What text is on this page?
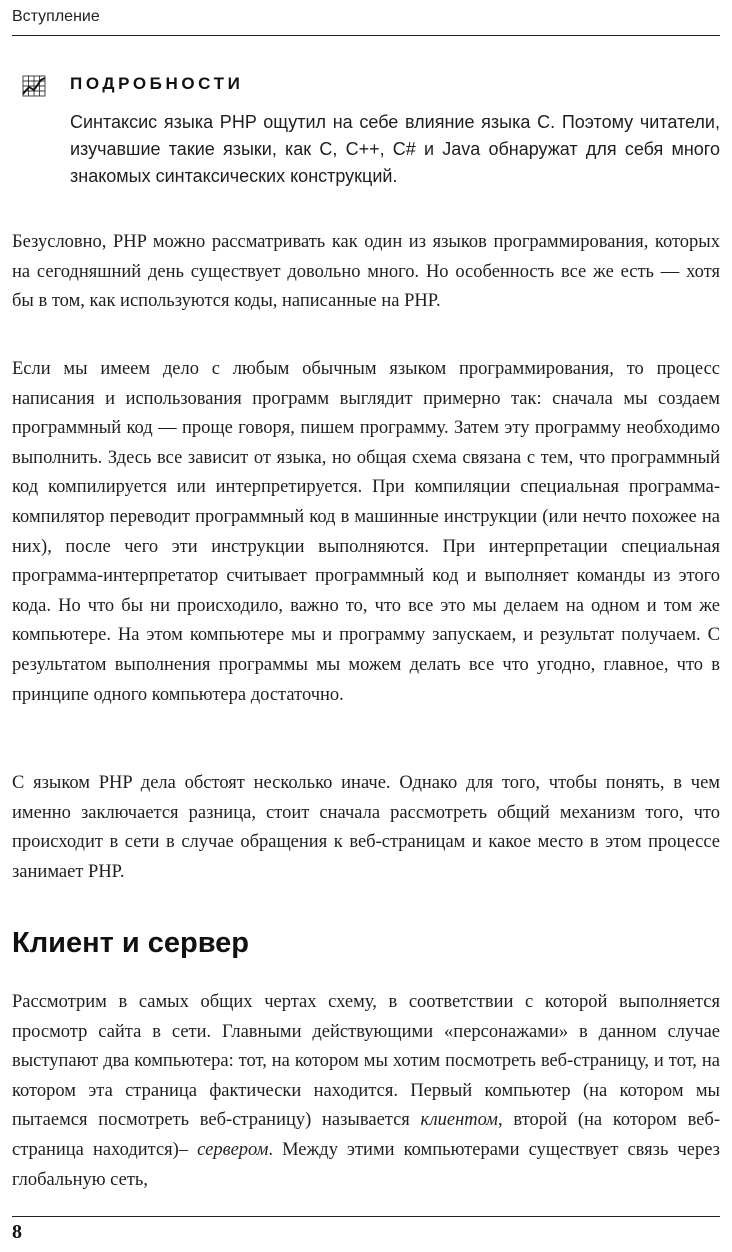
Вступление
ПОДРОБНОСТИ

Синтаксис языка PHP ощутил на себе влияние языка C. Поэтому читатели, изучавшие такие языки, как C, C++, C# и Java обнаружат для себя много знакомых синтаксических конструкций.

Безусловно, PHP можно рассматривать как один из языков программирования, которых на сегодняшний день существует довольно много. Но особенность все же есть — хотя бы в том, как используются коды, написанные на PHP.

Если мы имеем дело с любым обычным языком программирования, то процесс написания и использования программ выглядит примерно так: сначала мы создаем программный код — проще говоря, пишем программу. Затем эту программу необходимо выполнить. Здесь все зависит от языка, но общая схема связана с тем, что программный код компилируется или интерпретируется. При компиляции специальная программа-компилятор переводит программный код в машинные инструкции (или нечто похожее на них), после чего эти инструкции выполняются. При интерпретации специальная программа-интерпретатор считывает программный код и выполняет команды из этого кода. Но что бы ни происходило, важно то, что все это мы делаем на одном и том же компьютере. На этом компьютере мы и программу запускаем, и результат получаем. С результатом выполнения программы мы можем делать все что угодно, главное, что в принципе одного компьютера достаточно.

С языком PHP дела обстоят несколько иначе. Однако для того, чтобы понять, в чем именно заключается разница, стоит сначала рассмотреть общий механизм того, что происходит в сети в случае обращения к веб-страницам и какое место в этом процессе занимает PHP.

Клиент и сервер

Рассмотрим в самых общих чертах схему, в соответствии с которой выполняется просмотр сайта в сети. Главными действующими «персонажами» в данном случае выступают два компьютера: тот, на котором мы хотим посмотреть веб-страницу, и тот, на котором эта страница фактически находится. Первый компьютер (на котором мы пытаемся посмотреть веб-страницу) называется клиентом, второй (на котором веб-страница находится)– сервером. Между этими компьютерами существует связь через глобальную сеть,

8
